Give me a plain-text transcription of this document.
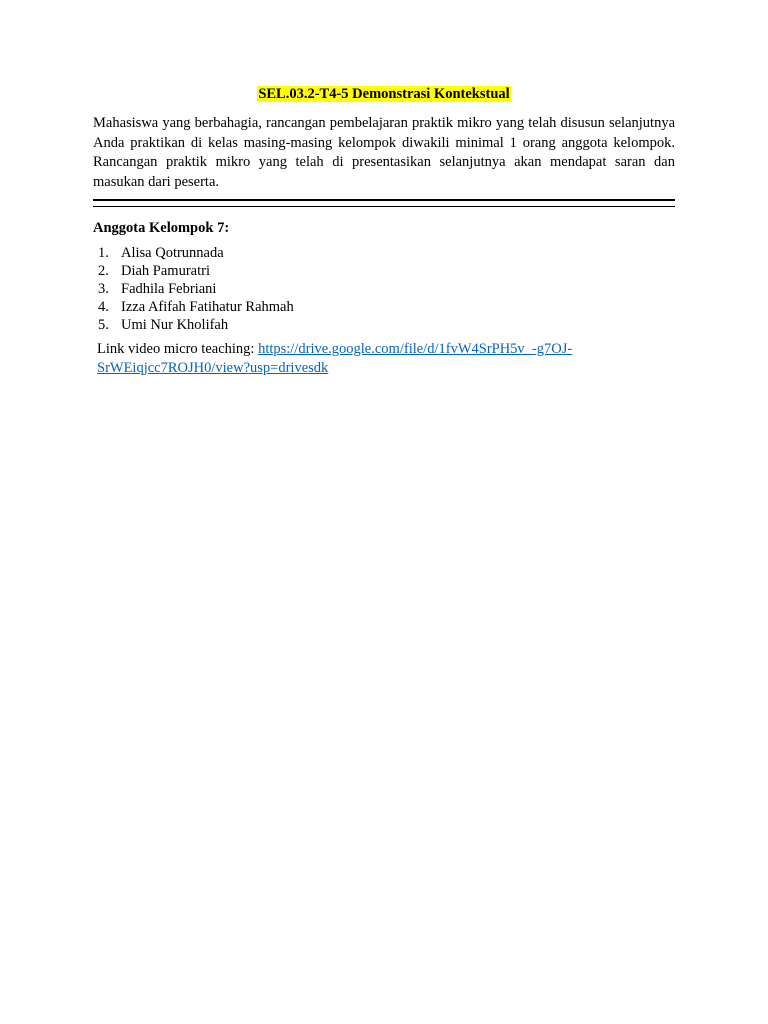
SEL.03.2-T4-5 Demonstrasi Kontekstual

Mahasiswa yang berbahagia, rancangan pembelajaran praktik mikro yang telah disusun selanjutnya Anda praktikan di kelas masing-masing kelompok diwakili minimal 1 orang anggota kelompok. Rancangan praktik mikro yang telah di presentasikan selanjutnya akan mendapat saran dan masukan dari peserta.

Anggota Kelompok 7:

1. Alisa Qotrunnada
2. Diah Pamuratri
3. Fadhila Febriani
4. Izza Afifah Fatihatur Rahmah
5. Umi Nur Kholifah

Link video micro teaching: https://drive.google.com/file/d/1fvW4SrPH5v_-g7OJ-
SrWEiqjcc7ROJH0/view?usp=drivesdk
